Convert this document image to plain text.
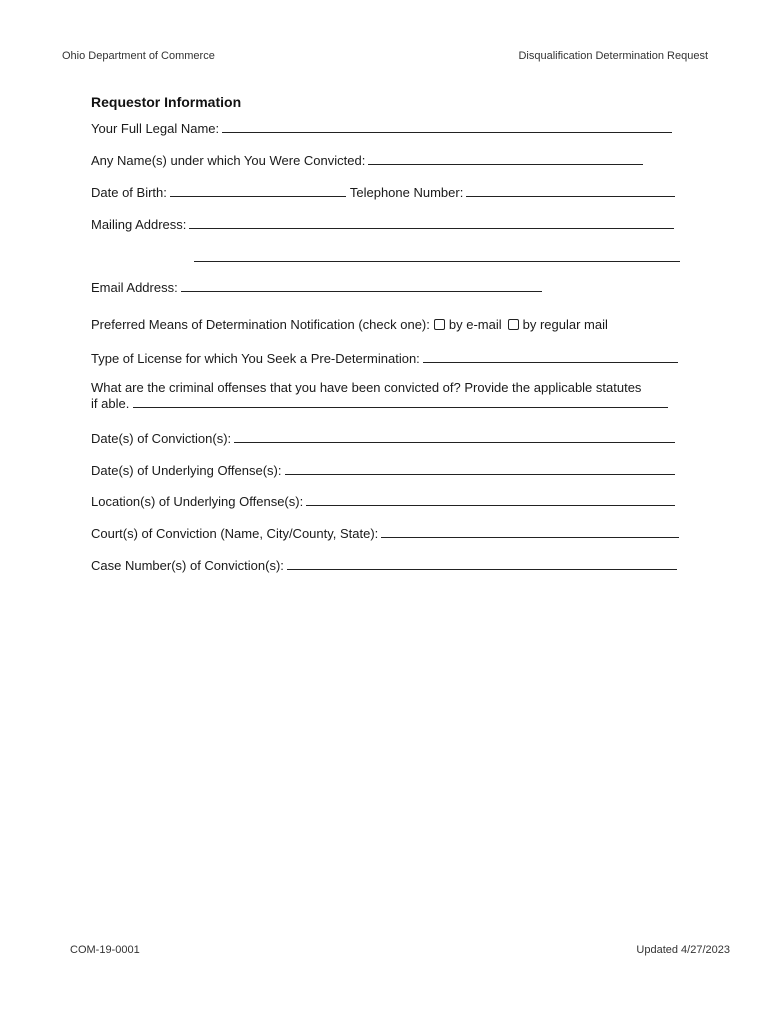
Ohio Department of Commerce	Disqualification Determination Request
Requestor Information
Your Full Legal Name:
Any Name(s) under which You Were Convicted:
Date of Birth:	Telephone Number:
Mailing Address:
Email Address:
Preferred Means of Determination Notification (check one): by e-mail by regular mail
Type of License for which You Seek a Pre-Determination:
What are the criminal offenses that you have been convicted of? Provide the applicable statutes
if able.
Date(s) of Conviction(s):
Date(s) of Underlying Offense(s):
Location(s) of Underlying Offense(s):
Court(s) of Conviction (Name, City/County, State):
Case Number(s) of Conviction(s):
COM-19-0001	Updated 4/27/2023
